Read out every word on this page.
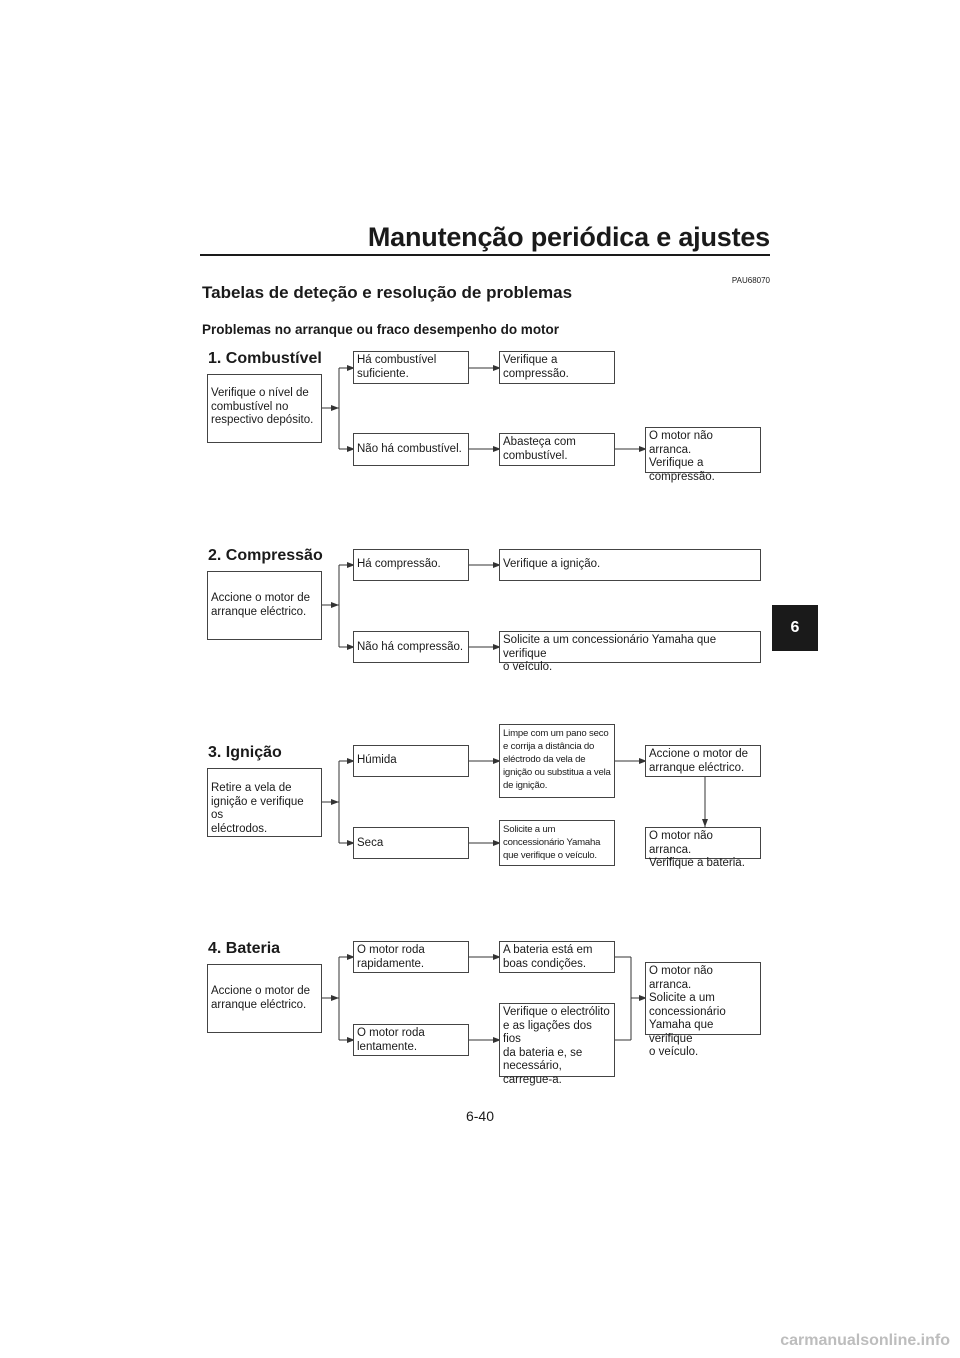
Manutenção periódica e ajustes
PAU68070
Tabelas de deteção e resolução de problemas
Problemas no arranque ou fraco desempenho do motor
6
1. Combustível
Verifique o nível de
combustível no
respectivo depósito.
Há combustível
suficiente.
Verifique a
compressão.
Não há combustível.
Abasteça com
combustível.
O motor não arranca.
Verifique a
compressão.
2. Compressão
Accione o motor de
arranque eléctrico.
Há compressão.	Verifique a ignição.
Não há compressão.
Solicite a um concessionário Yamaha que verifique
o veículo.
3. Ignição
Retire a vela de
ignição e verifique os
eléctrodos.
Húmida
Limpe com um pano seco
e corrija a distância do
eléctrodo da vela de
ignição ou substitua a vela
de ignição.
Accione o motor de
arranque eléctrico.
O motor não arranca.
Verifique a bateria.
Seca
Solicite a um
concessionário Yamaha
que verifique o veículo.
4. Bateria
Accione o motor de
arranque eléctrico.
O motor roda
rapidamente.
A bateria está em
boas condições.
O motor roda
lentamente.
Verifique o electrólito
e as ligações dos fios
da bateria e, se
necessário,
carregue-a.
O motor não arranca.
Solicite a um
concessionário
Yamaha que verifique
o veículo.
6-40
carmanualsonline.info
